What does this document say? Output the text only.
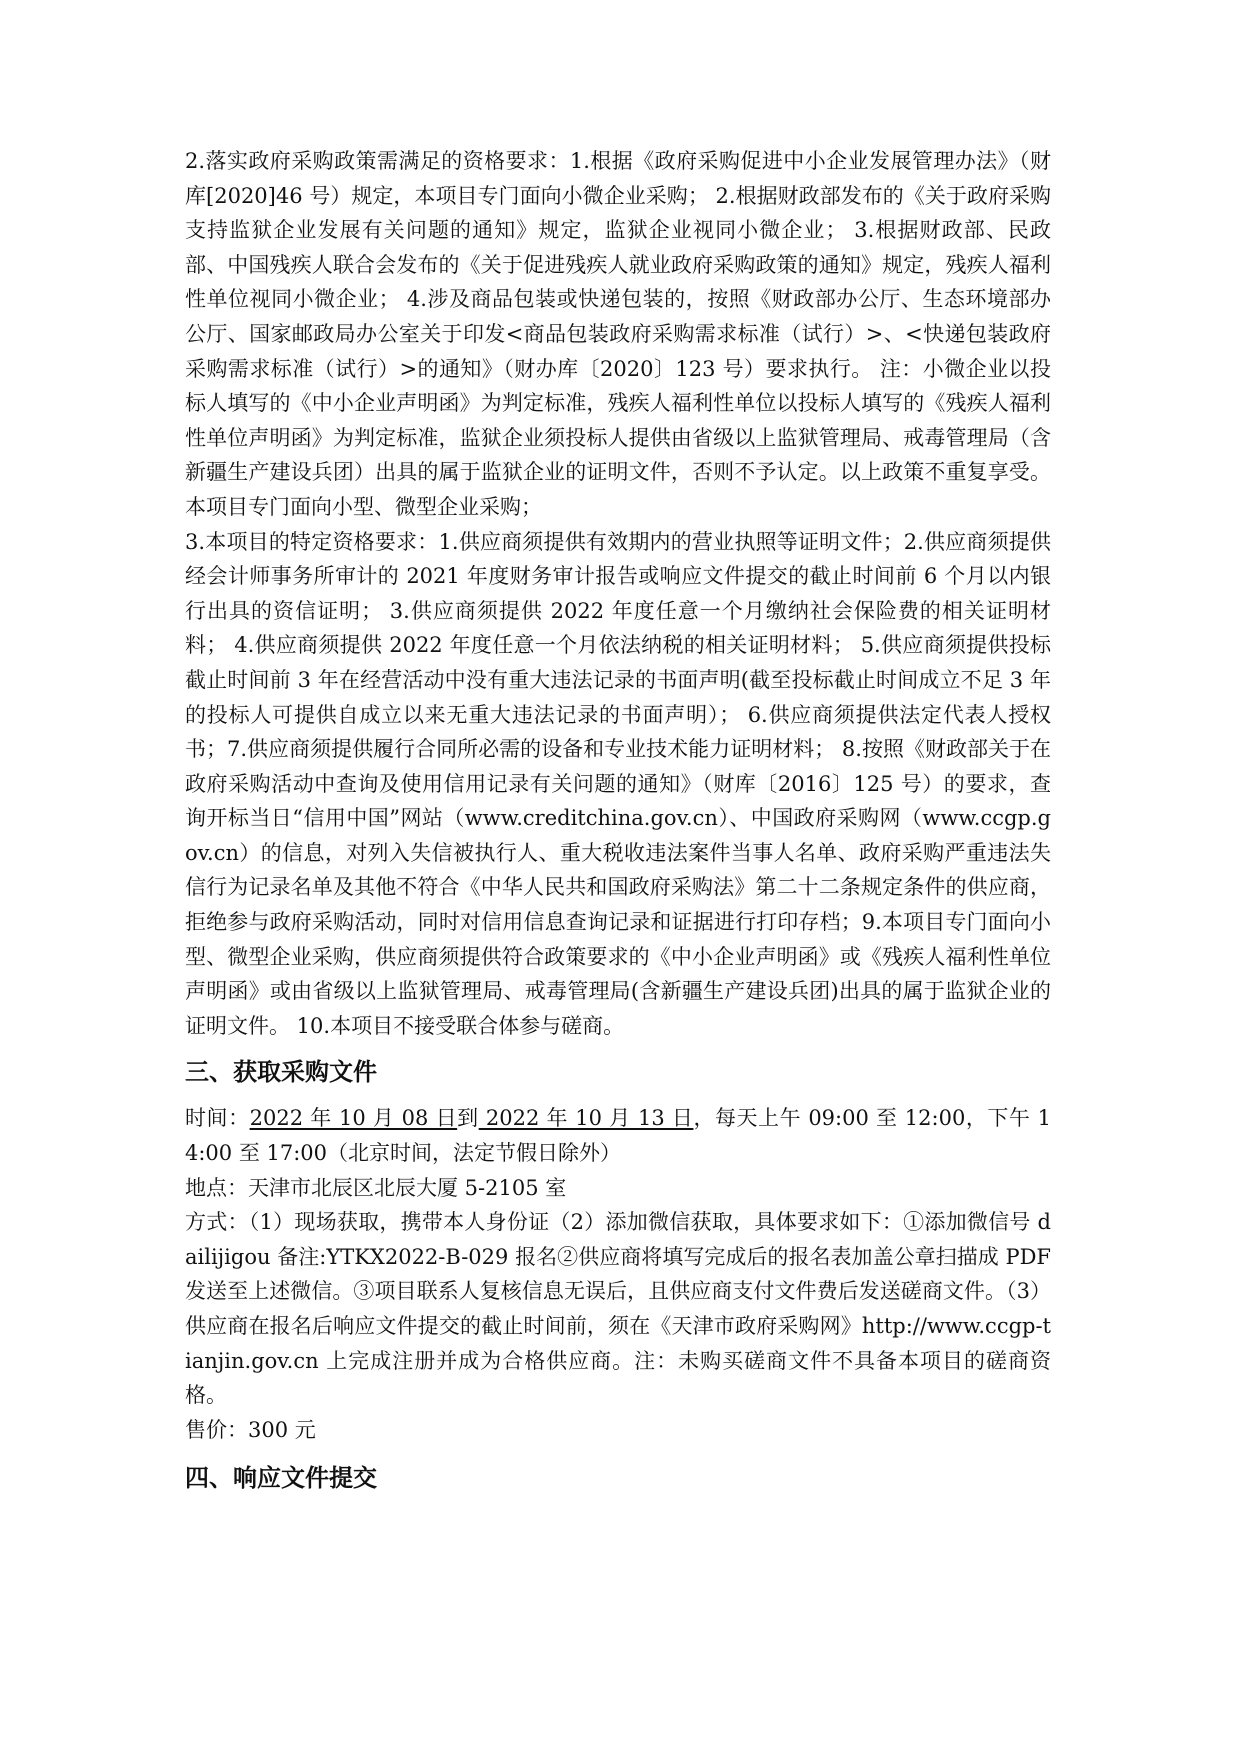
2.落实政府采购政策需满足的资格要求：1.根据《政府采购促进中小企业发展管理办法》（财库[2020]46 号）规定，本项目专门面向小微企业采购； 2.根据财政部发布的《关于政府采购支持监狱企业发展有关问题的通知》规定，监狱企业视同小微企业； 3.根据财政部、民政部、中国残疾人联合会发布的《关于促进残疾人就业政府采购政策的通知》规定，残疾人福利性单位视同小微企业； 4.涉及商品包装或快递包装的，按照《财政部办公厅、生态环境部办公厅、国家邮政局办公室关于印发<商品包装政府采购需求标准（试行）>、<快递包装政府采购需求标准（试行）>的通知》（财办库〔2020〕123 号）要求执行。 注：小微企业以投标人填写的《中小企业声明函》为判定标准，残疾人福利性单位以投标人填写的《残疾人福利性单位声明函》为判定标准，监狱企业须投标人提供由省级以上监狱管理局、戒毒管理局（含新疆生产建设兵团）出具的属于监狱企业的证明文件，否则不予认定。以上政策不重复享受。 本项目专门面向小型、微型企业采购；

3.本项目的特定资格要求：1.供应商须提供有效期内的营业执照等证明文件；2.供应商须提供经会计师事务所审计的 2021 年度财务审计报告或响应文件提交的截止时间前 6 个月以内银行出具的资信证明； 3.供应商须提供 2022 年度任意一个月缴纳社会保险费的相关证明材料； 4.供应商须提供 2022 年度任意一个月依法纳税的相关证明材料； 5.供应商须提供投标截止时间前 3 年在经营活动中没有重大违法记录的书面声明(截至投标截止时间成立不足 3 年的投标人可提供自成立以来无重大违法记录的书面声明）； 6.供应商须提供法定代表人授权书；7.供应商须提供履行合同所必需的设备和专业技术能力证明材料； 8.按照《财政部关于在政府采购活动中查询及使用信用记录有关问题的通知》（财库〔2016〕125 号）的要求，查询开标当日“信用中国”网站（www.creditchina.gov.cn）、中国政府采购网（www.ccgp.gov.cn）的信息，对列入失信被执行人、重大税收违法案件当事人名单、政府采购严重违法失信行为记录名单及其他不符合《中华人民共和国政府采购法》第二十二条规定条件的供应商，拒绝参与政府采购活动，同时对信用信息查询记录和证据进行打印存档；9.本项目专门面向小型、微型企业采购，供应商须提供符合政策要求的《中小企业声明函》或《残疾人福利性单位声明函》或由省级以上监狱管理局、戒毒管理局(含新疆生产建设兵团)出具的属于监狱企业的证明文件。 10.本项目不接受联合体参与磋商。

三、获取采购文件

时间：2022 年 10 月 08 日到 2022 年 10 月 13 日，每天上午 09:00 至 12:00，下午 14:00 至 17:00（北京时间，法定节假日除外）

地点：天津市北辰区北辰大厦 5-2105 室

方式：（1）现场获取，携带本人身份证（2）添加微信获取，具体要求如下：①添加微信号 dailijigou 备注:YTKX2022-B-029 报名②供应商将填写完成后的报名表加盖公章扫描成 PDF 发送至上述微信。③项目联系人复核信息无误后，且供应商支付文件费后发送磋商文件。（3）供应商在报名后响应文件提交的截止时间前，须在《天津市政府采购网》http://www.ccgp-tianjin.gov.cn 上完成注册并成为合格供应商。注：未购买磋商文件不具备本项目的磋商资格。

售价：300 元

四、响应文件提交
